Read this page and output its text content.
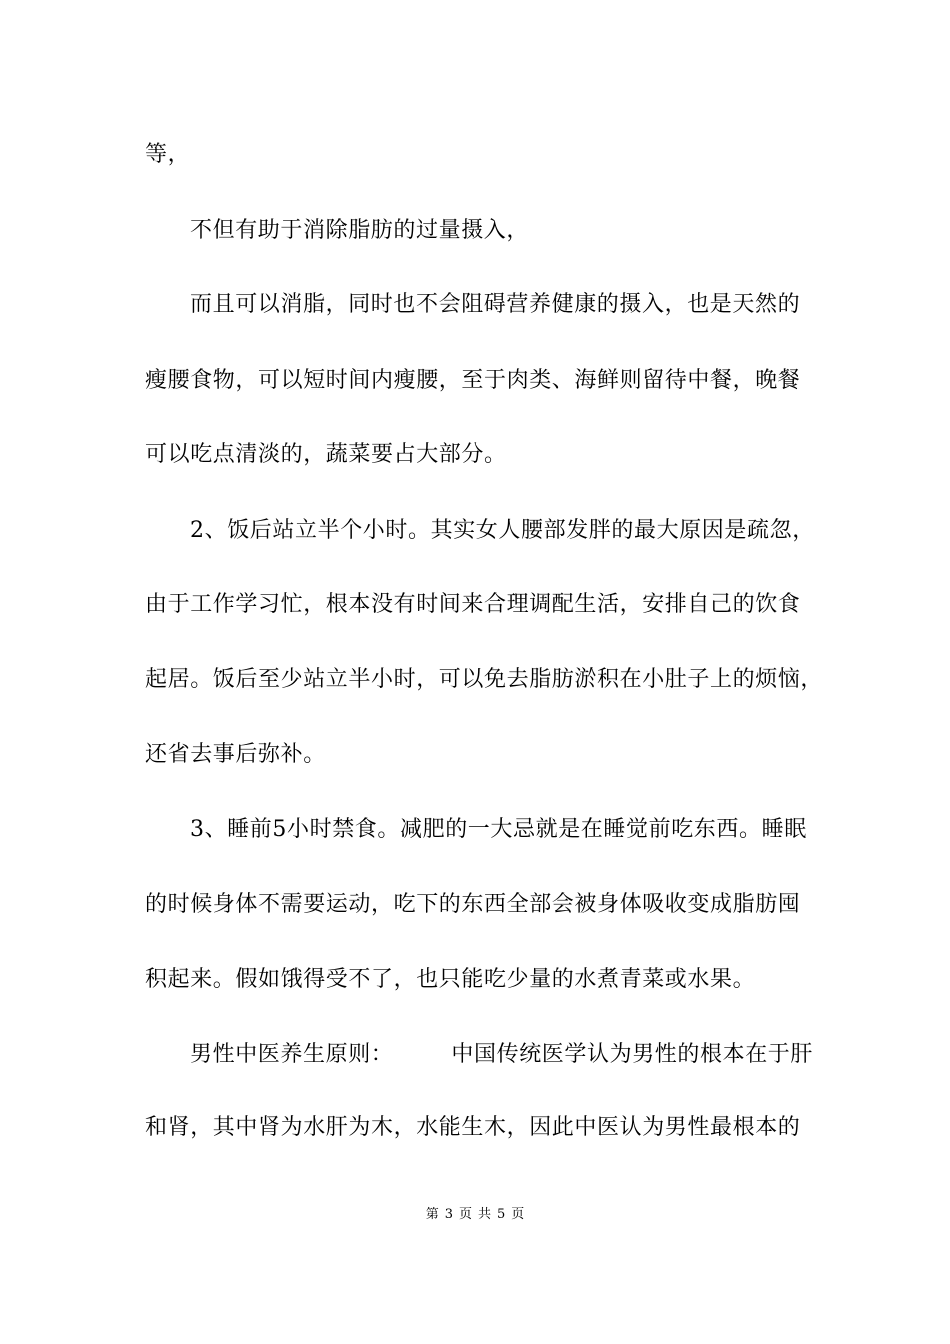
等，
不但有助于消除脂肪的过量摄入，
而且可以消脂，同时也不会阻碍营养健康的摄入，也是天然的
瘦腰食物，可以短时间内瘦腰，至于肉类、海鲜则留待中餐，晚餐
可以吃点清淡的，蔬菜要占大部分。
2、饭后站立半个小时。其实女人腰部发胖的最大原因是疏忽，
由于工作学习忙，根本没有时间来合理调配生活，安排自己的饮食
起居。饭后至少站立半小时，可以免去脂肪淤积在小肚子上的烦恼，
还省去事后弥补。
3、睡前5小时禁食。减肥的一大忌就是在睡觉前吃东西。睡眠
的时候身体不需要运动，吃下的东西全部会被身体吸收变成脂肪囤
积起来。假如饿得受不了，也只能吃少量的水煮青菜或水果。
男性中医养生原则：	中国传统医学认为男性的根本在于肝
和肾，其中肾为水肝为木，水能生木，因此中医认为男性最根本的
第 3 页 共 5 页
